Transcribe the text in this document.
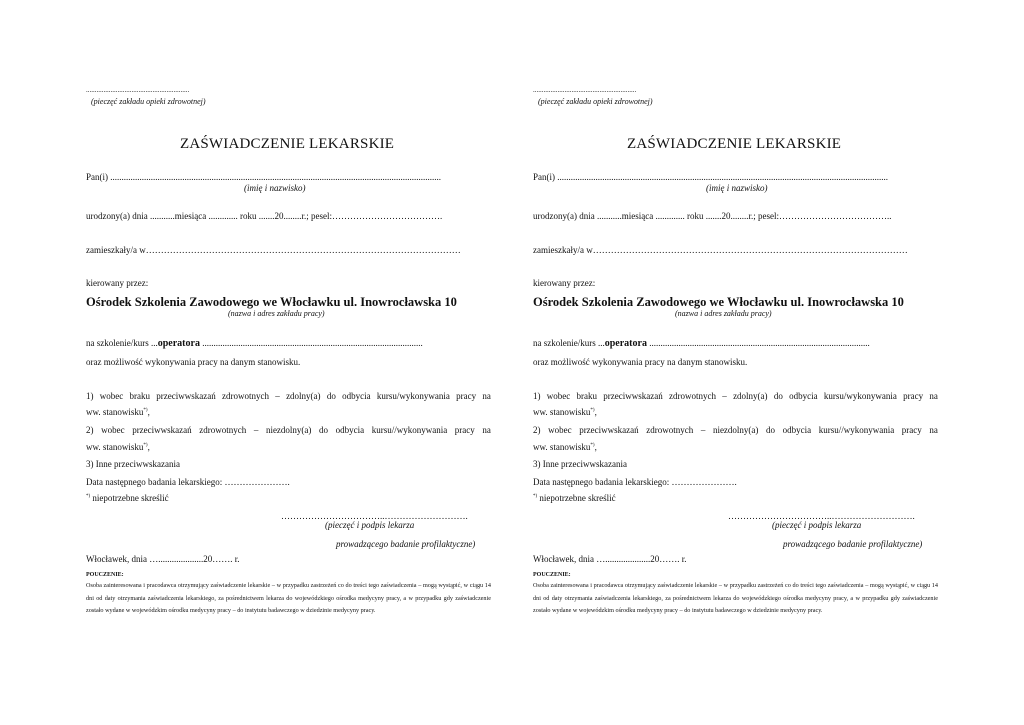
...........................................................
(pieczęć zakładu opieki zdrowotnej)
ZAŚWIADCZENIE LEKARSKIE
Pan(i) ...................................................................................................................................................
(imię i nazwisko)
urodzony(a) dnia ...........miesiąca ............. roku .......20........r.; pesel:……………………………….
zamieszkały/a w……………………………………………………………………………………………
kierowany przez:
Ośrodek Szkolenia Zawodowego we Włocławku ul. Inowrocławska 10
(nazwa i adres zakładu pracy)
na szkolenie/kurs ...operatora ..................................................................................................
oraz możliwość wykonywania pracy na danym stanowisku.
1) wobec braku przeciwwskazań zdrowotnych – zdolny(a) do odbycia kursu/wykonywania pracy na
ww. stanowisku*),
2) wobec przeciwwskazań zdrowotnych – niezdolny(a) do odbycia kursu//wykonywania pracy na
ww. stanowisku*),
3) Inne przeciwwskazania
Data następnego badania lekarskiego: ………………….
*) niepotrzebne skreślić
……………………………..……………………….
(pieczęć i podpis lekarza
prowadzącego badanie profilaktyczne)
Włocławek, dnia …....................20……. r.
POUCZENIE:
Osoba zainteresowana i pracodawca otrzymujący zaświadczenie lekarskie – w przypadku zastrzeżeń co do treści tego zaświadczenia – mogą wystąpić, w ciągu 14 dni od daty otrzymania zaświadczenia lekarskiego, za pośrednictwem lekarza do wojewódzkiego ośrodka medycyny pracy, a w przypadku gdy zaświadczenie zostało wydane w wojewódzkim ośrodku medycyny pracy – do instytutu badawczego w dziedzinie medycyny pracy.
...........................................................
(pieczęć zakładu opieki zdrowotnej)
ZAŚWIADCZENIE LEKARSKIE
Pan(i) ...................................................................................................................................................
(imię i nazwisko)
urodzony(a) dnia ...........miesiąca ............. roku .......20........r.; pesel:………………………………..
zamieszkały/a w……………………………………………………………………………………………
kierowany przez:
Ośrodek Szkolenia Zawodowego we Włocławku ul. Inowrocławska 10
(nazwa i adres zakładu pracy)
na szkolenie/kurs ...operatora ..................................................................................................
oraz możliwość wykonywania pracy na danym stanowisku.
1) wobec braku przeciwwskazań zdrowotnych – zdolny(a) do odbycia kursu/wykonywania pracy na
ww. stanowisku*),
2) wobec przeciwwskazań zdrowotnych – niezdolny(a) do odbycia kursu//wykonywania pracy na
ww. stanowisku*),
3) Inne przeciwwskazania
Data następnego badania lekarskiego: ………………….
*) niepotrzebne skreślić
……………………………..……………………….
(pieczęć i podpis lekarza
prowadzącego badanie profilaktyczne)
Włocławek, dnia …....................20……. r.
POUCZENIE:
Osoba zainteresowana i pracodawca otrzymujący zaświadczenie lekarskie – w przypadku zastrzeżeń co do treści tego zaświadczenia – mogą wystąpić, w ciągu 14 dni od daty otrzymania zaświadczenia lekarskiego, za pośrednictwem lekarza do wojewódzkiego ośrodka medycyny pracy, a w przypadku gdy zaświadczenie zostało wydane w wojewódzkim ośrodku medycyny pracy – do instytutu badawczego w dziedzinie medycyny pracy.
